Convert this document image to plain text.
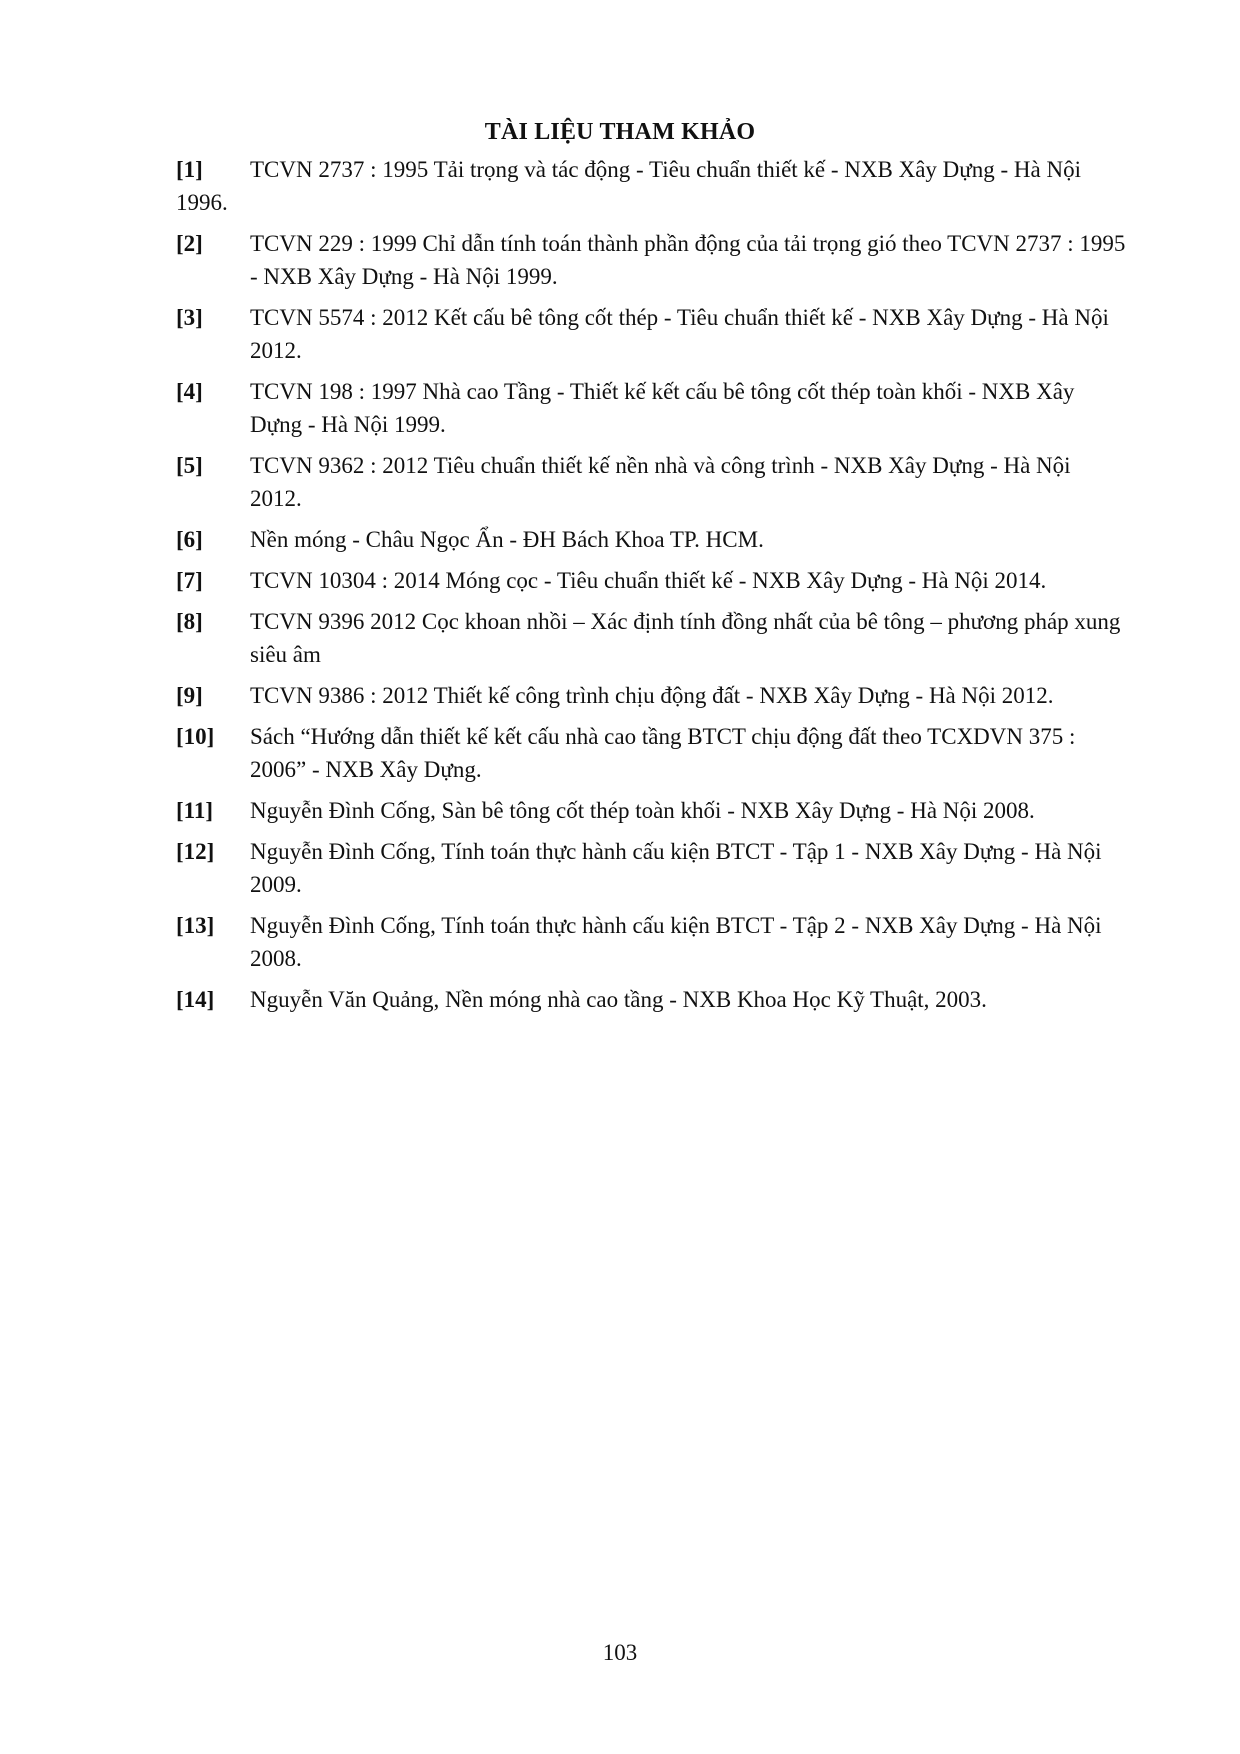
TÀI LIỆU THAM KHẢO
[1] TCVN 2737 : 1995 Tải trọng và tác động - Tiêu chuẩn thiết kế - NXB Xây Dựng - Hà Nội 1996.
[2] TCVN 229 : 1999 Chỉ dẫn tính toán thành phần động của tải trọng gió theo TCVN 2737 : 1995 - NXB Xây Dựng - Hà Nội 1999.
[3] TCVN 5574 : 2012 Kết cấu bê tông cốt thép - Tiêu chuẩn thiết kế - NXB Xây Dựng - Hà Nội 2012.
[4] TCVN 198 : 1997 Nhà cao Tầng - Thiết kế kết cấu bê tông cốt thép toàn khối - NXB Xây Dựng - Hà Nội 1999.
[5] TCVN 9362 : 2012 Tiêu chuẩn thiết kế nền nhà và công trình - NXB Xây Dựng - Hà Nội 2012.
[6] Nền móng - Châu Ngọc Ẩn - ĐH Bách Khoa TP. HCM.
[7] TCVN 10304 : 2014 Móng cọc - Tiêu chuẩn thiết kế - NXB Xây Dựng - Hà Nội 2014.
[8] TCVN 9396 2012 Cọc khoan nhồi – Xác định tính đồng nhất của bê tông – phương pháp xung siêu âm
[9] TCVN 9386 : 2012 Thiết kế công trình chịu động đất - NXB Xây Dựng - Hà Nội 2012.
[10] Sách “Hướng dẫn thiết kế kết cấu nhà cao tầng BTCT chịu động đất theo TCXDVN 375 : 2006” - NXB Xây Dựng.
[11] Nguyễn Đình Cống, Sàn bê tông cốt thép toàn khối - NXB Xây Dựng - Hà Nội 2008.
[12] Nguyễn Đình Cống, Tính toán thực hành cấu kiện BTCT - Tập 1 - NXB Xây Dựng - Hà Nội 2009.
[13] Nguyễn Đình Cống, Tính toán thực hành cấu kiện BTCT - Tập 2 - NXB Xây Dựng - Hà Nội 2008.
[14] Nguyễn Văn Quảng, Nền móng nhà cao tầng - NXB Khoa Học Kỹ Thuật, 2003.
103
